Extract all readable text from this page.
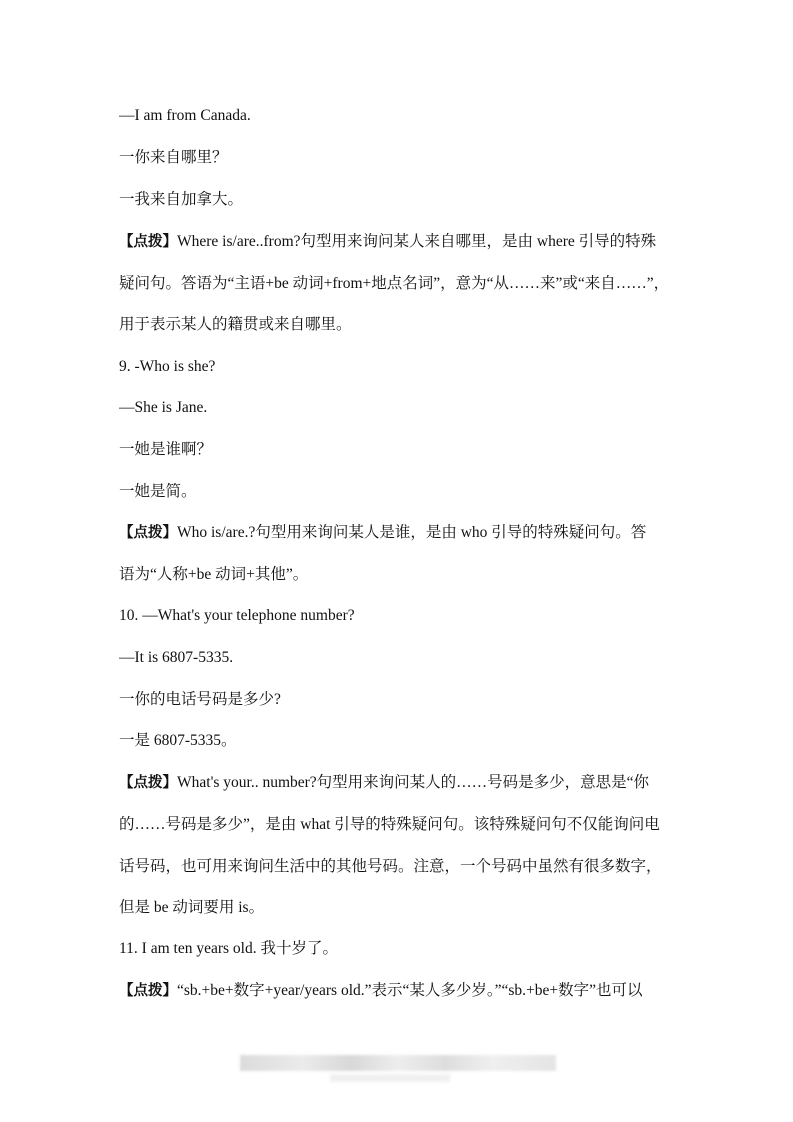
—I am from Canada.
一你来自哪里？
一我来自加拿大。
【点拨】Where is/are..from?句型用来询问某人来自哪里，是由 where 引导的特殊
疑问句。答语为“主语+be 动词+from+地点名词”，意为“从……来”或“来自……”，
用于表示某人的籍贯或来自哪里。
9. -Who is she?
—She is Jane.
一她是谁啊？
一她是简。
【点拨】Who is/are.?句型用来询问某人是谁，是由 who 引导的特殊疑问句。答
语为“人称+be 动词+其他”。
10. —What's your telephone number?
—It is 6807-5335.
一你的电话号码是多少?
一是 6807-5335。
【点拨】What's your.. number?句型用来询问某人的……号码是多少，意思是“你
的……号码是多少”，是由 what 引导的特殊疑问句。该特殊疑问句不仅能询问电
话号码，也可用来询问生活中的其他号码。注意，一个号码中虽然有很多数字，
但是 be 动词要用 is。
11. I am ten years old. 我十岁了。
【点拨】“sb.+be+数字+year/years old.”表示“某人多少岁。”“sb.+be+数字”也可以
